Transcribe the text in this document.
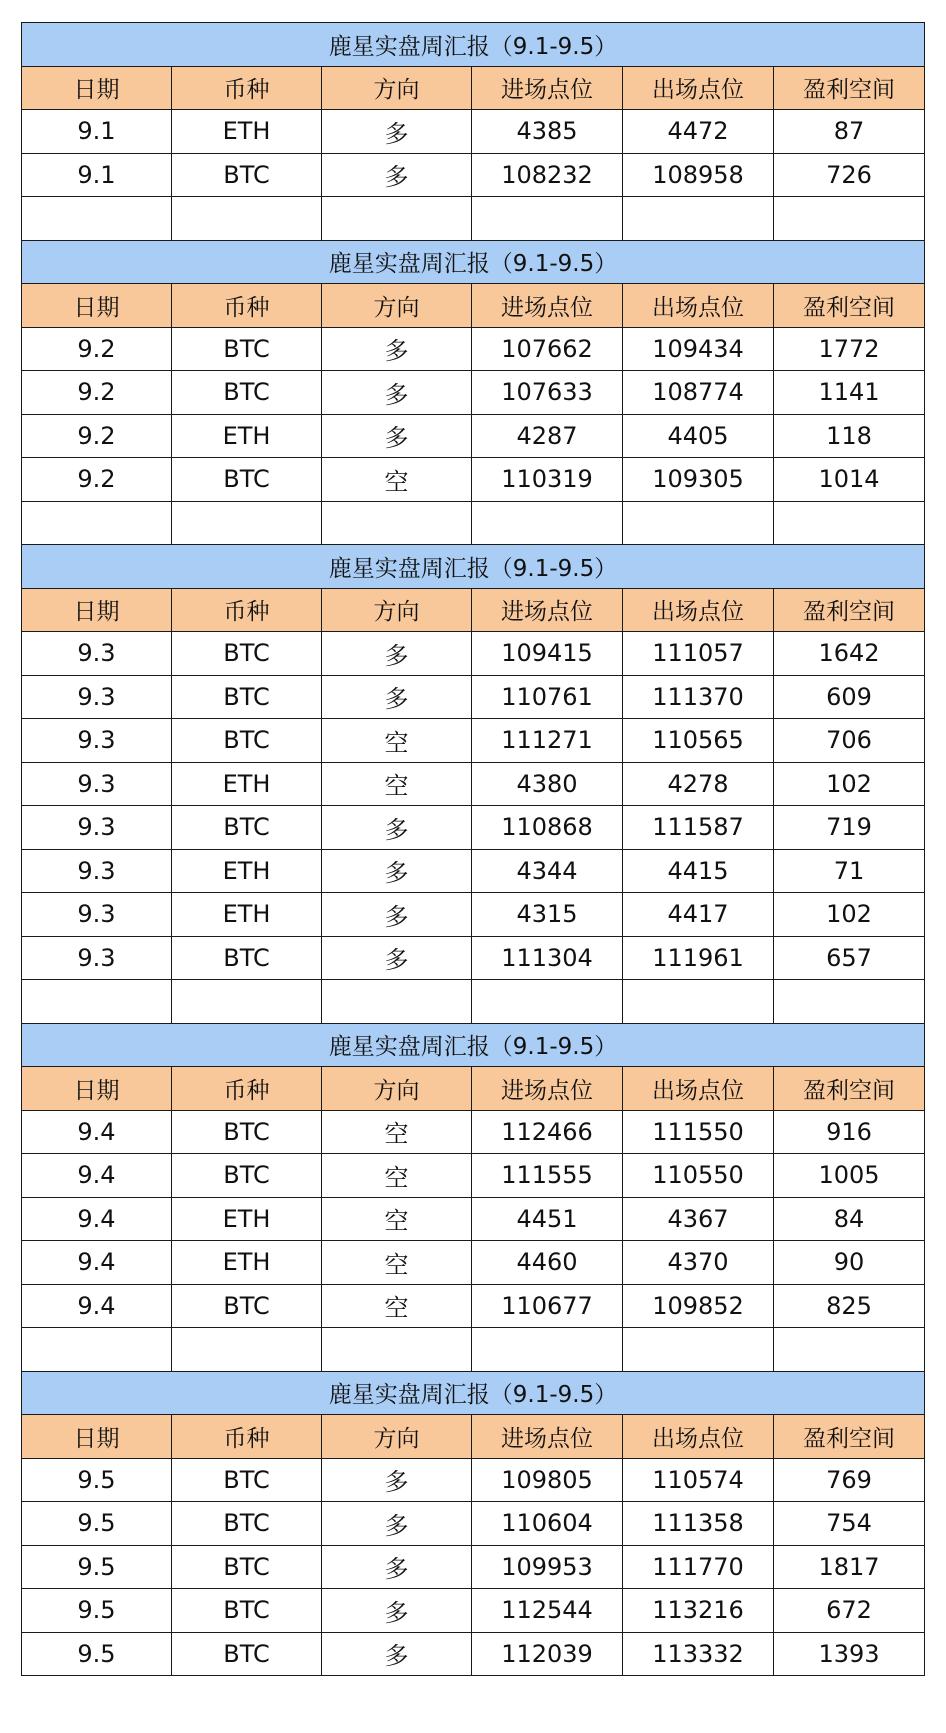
鹿星实盘周汇报（9.1-9.5）					
日期	币种	方向	进场点位	出场点位	盈利空间
9.1	ETH	多	4385	4472	87
9.1	BTC	多	108232	108958	726

鹿星实盘周汇报（9.1-9.5）					
日期	币种	方向	进场点位	出场点位	盈利空间
9.2	BTC	多	107662	109434	1772
9.2	BTC	多	107633	108774	1141
9.2	ETH	多	4287	4405	118
9.2	BTC	空	110319	109305	1014

鹿星实盘周汇报（9.1-9.5）					
日期	币种	方向	进场点位	出场点位	盈利空间
9.3	BTC	多	109415	111057	1642
9.3	BTC	多	110761	111370	609
9.3	BTC	空	111271	110565	706
9.3	ETH	空	4380	4278	102
9.3	BTC	多	110868	111587	719
9.3	ETH	多	4344	4415	71
9.3	ETH	多	4315	4417	102
9.3	BTC	多	111304	111961	657

鹿星实盘周汇报（9.1-9.5）					
日期	币种	方向	进场点位	出场点位	盈利空间
9.4	BTC	空	112466	111550	916
9.4	BTC	空	111555	110550	1005
9.4	ETH	空	4451	4367	84
9.4	ETH	空	4460	4370	90
9.4	BTC	空	110677	109852	825

鹿星实盘周汇报（9.1-9.5）					
日期	币种	方向	进场点位	出场点位	盈利空间
9.5	BTC	多	109805	110574	769
9.5	BTC	多	110604	111358	754
9.5	BTC	多	109953	111770	1817
9.5	BTC	多	112544	113216	672
9.5	BTC	多	112039	113332	1393
